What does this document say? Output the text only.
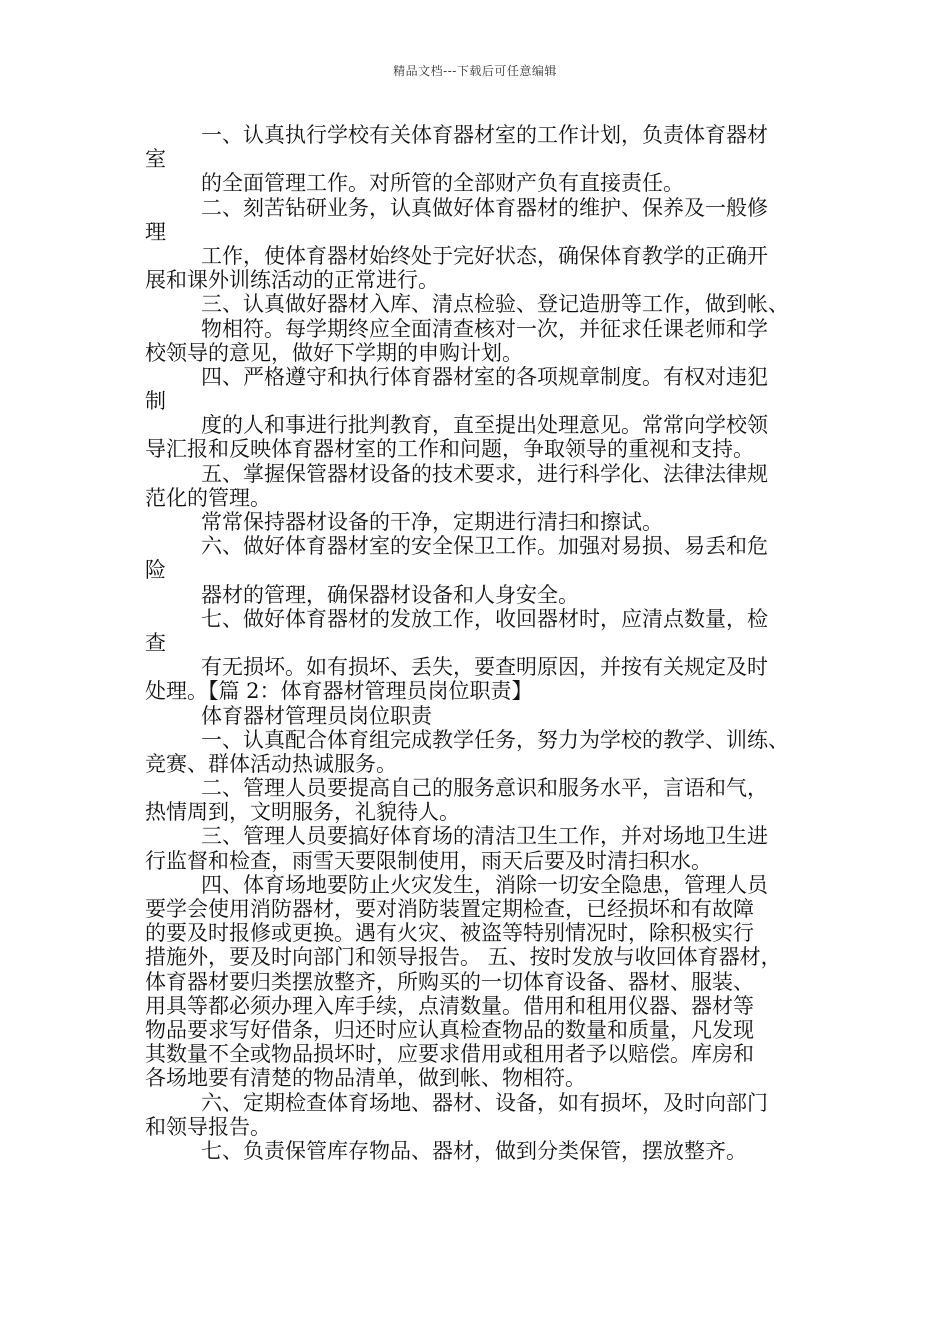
精品文档---下载后可任意编辑
一、认真执行学校有关体育器材室的工作计划，负责体育器材
室
的全面管理工作。对所管的全部财产负有直接责任。
二、刻苦钻研业务，认真做好体育器材的维护、保养及一般修
理
工作，使体育器材始终处于完好状态，确保体育教学的正确开
展和课外训练活动的正常进行。
三、认真做好器材入库、清点检验、登记造册等工作，做到帐、
物相符。每学期终应全面清查核对一次，并征求任课老师和学
校领导的意见，做好下学期的申购计划。
四、严格遵守和执行体育器材室的各项规章制度。有权对违犯
制
度的人和事进行批判教育，直至提出处理意见。常常向学校领
导汇报和反映体育器材室的工作和问题，争取领导的重视和支持。
五、掌握保管器材设备的技术要求，进行科学化、法律法律规
范化的管理。
常常保持器材设备的干净，定期进行清扫和擦试。
六、做好体育器材室的安全保卫工作。加强对易损、易丢和危
险
器材的管理，确保器材设备和人身安全。
七、做好体育器材的发放工作，收回器材时，应清点数量，检
查
有无损坏。如有损坏、丢失，要查明原因，并按有关规定及时
处理。【篇 2：体育器材管理员岗位职责】
体育器材管理员岗位职责
一、认真配合体育组完成教学任务，努力为学校的教学、训练、
竞赛、群体活动热诚服务。
二、管理人员要提高自己的服务意识和服务水平，言语和气，
热情周到，文明服务，礼貌待人。
三、管理人员要搞好体育场的清洁卫生工作，并对场地卫生进
行监督和检查，雨雪天要限制使用，雨天后要及时清扫积水。
四、体育场地要防止火灾发生，消除一切安全隐患，管理人员
要学会使用消防器材，要对消防装置定期检查，已经损坏和有故障
的要及时报修或更换。遇有火灾、被盗等特别情况时，除积极实行
措施外，要及时向部门和领导报告。 五、按时发放与收回体育器材，
体育器材要归类摆放整齐，所购买的一切体育设备、器材、服装、
用具等都必须办理入库手续，点清数量。借用和租用仪器、器材等
物品要求写好借条，归还时应认真检查物品的数量和质量，凡发现
其数量不全或物品损坏时，应要求借用或租用者予以赔偿。库房和
各场地要有清楚的物品清单，做到帐、物相符。
六、定期检查体育场地、器材、设备，如有损坏，及时向部门
和领导报告。
七、负责保管库存物品、器材，做到分类保管，摆放整齐。
